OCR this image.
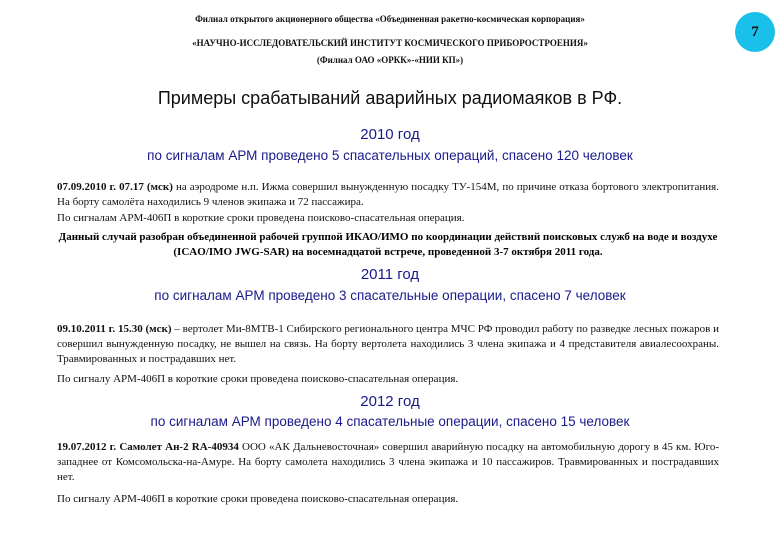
Филиал открытого акционерного общества «Объединенная ракетно-космическая корпорация»
«НАУЧНО-ИССЛЕДОВАТЕЛЬСКИЙ ИНСТИТУТ КОСМИЧЕСКОГО ПРИБОРОСТРОЕНИЯ»
(Филиал ОАО «ОРКК»-«НИИ КП»)
7
Примеры срабатываний аварийных радиомаяков в РФ.
2010 год
по сигналам АРМ проведено 5 спасательных операций, спасено 120 человек
07.09.2010 г. 07.17 (мск) на аэродроме н.п. Ижма совершил вынужденную посадку ТУ-154М, по причине отказа бортового электропитания. На борту самолёта находились 9 членов экипажа и 72 пассажира.
По сигналам АРМ-406П в короткие сроки проведена поисково-спасательная операция.
Данный случай разобран объединенной рабочей группой ИКАО/ИМО по координации действий поисковых служб на воде и воздухе (ICAO/IMO JWG-SAR) на восемнадцатой встрече, проведенной 3-7 октября 2011 года.
2011 год
по сигналам АРМ проведено 3 спасательные операции, спасено 7 человек
09.10.2011 г. 15.30 (мск) – вертолет Ми-8МТВ-1 Сибирского регионального центра МЧС РФ проводил работу по разведке лесных пожаров и совершил вынужденную посадку, не вышел на связь. На борту вертолета находились 3 члена экипажа и 4 представителя авиалесоохраны. Травмированных и пострадавших нет.
По сигналу АРМ-406П в короткие сроки проведена поисково-спасательная операция.
2012 год
по сигналам АРМ проведено 4 спасательные операции, спасено 15 человек
19.07.2012 г. Самолет Ан-2 RA-40934 ООО «АК Дальневосточная» совершил аварийную посадку на автомобильную дорогу в 45 км. Юго-западнее от Комсомольска-на-Амуре. На борту самолета находились 3 члена экипажа и 10 пассажиров. Травмированных и пострадавших нет.
По сигналу АРМ-406П в короткие сроки проведена поисково-спасательная операция.
